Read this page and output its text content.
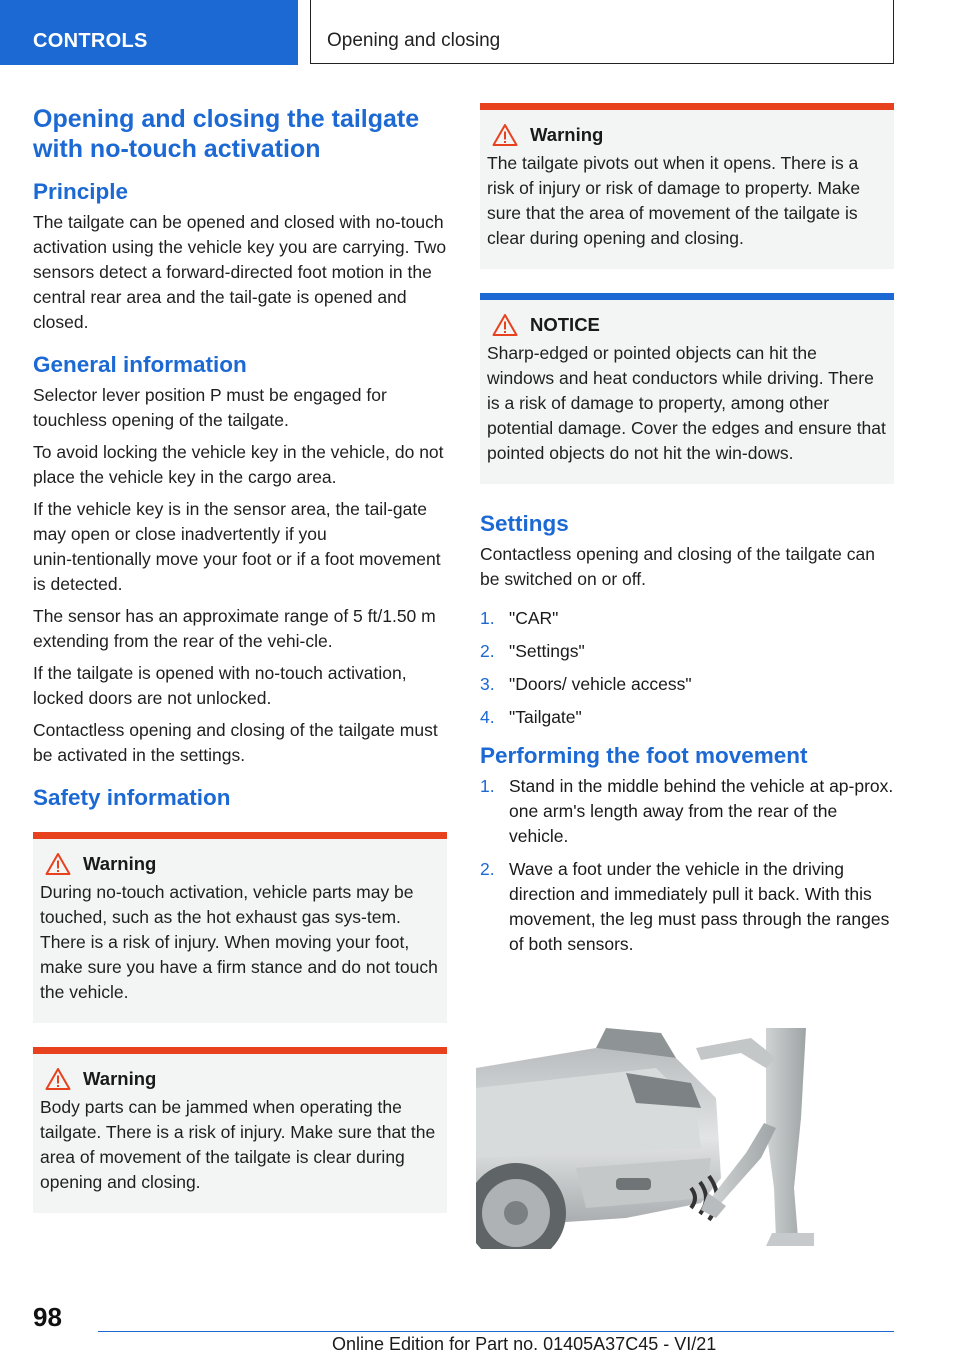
CONTROLS	Opening and closing
Opening and closing the tailgate with no‑touch activation
Principle

The tailgate can be opened and closed with no‑touch activation using the vehicle key you are carrying. Two sensors detect a forward-directed foot motion in the central rear area and the tail‑gate is opened and closed.

General information

Selector lever position P must be engaged for touchless opening of the tailgate.

To avoid locking the vehicle key in the vehicle, do not place the vehicle key in the cargo area.

If the vehicle key is in the sensor area, the tail‑gate may open or close inadvertently if you unin‑tentionally move your foot or if a foot movement is detected.

The sensor has an approximate range of 5 ft/1.50 m extending from the rear of the vehi‑cle.

If the tailgate is opened with no‑touch activation, locked doors are not unlocked.

Contactless opening and closing of the tailgate must be activated in the settings.

Safety information
Warning

During no-touch activation, vehicle parts may be touched, such as the hot exhaust gas sys‑tem. There is a risk of injury. When moving your foot, make sure you have a firm stance and do not touch the vehicle.

Warning

Body parts can be jammed when operating the tailgate. There is a risk of injury. Make sure that the area of movement of the tailgate is clear during opening and closing.

Warning

The tailgate pivots out when it opens. There is a risk of injury or risk of damage to property. Make sure that the area of movement of the tailgate is clear during opening and closing.

NOTICE

Sharp-edged or pointed objects can hit the windows and heat conductors while driving. There is a risk of damage to property, among other potential damage. Cover the edges and ensure that pointed objects do not hit the win‑dows.

Settings

Contactless opening and closing of the tailgate can be switched on or off.

1. "CAR"
2. "Settings"
3. "Doors/ vehicle access"
4. "Tailgate"
Performing the foot movement
1. Stand in the middle behind the vehicle at ap‑prox. one arm's length away from the rear of the vehicle.
2. Wave a foot under the vehicle in the driving direction and immediately pull it back. With this movement, the leg must pass through the ranges of both sensors.
98
Online Edition for Part no. 01405A37C45 - VI/21
